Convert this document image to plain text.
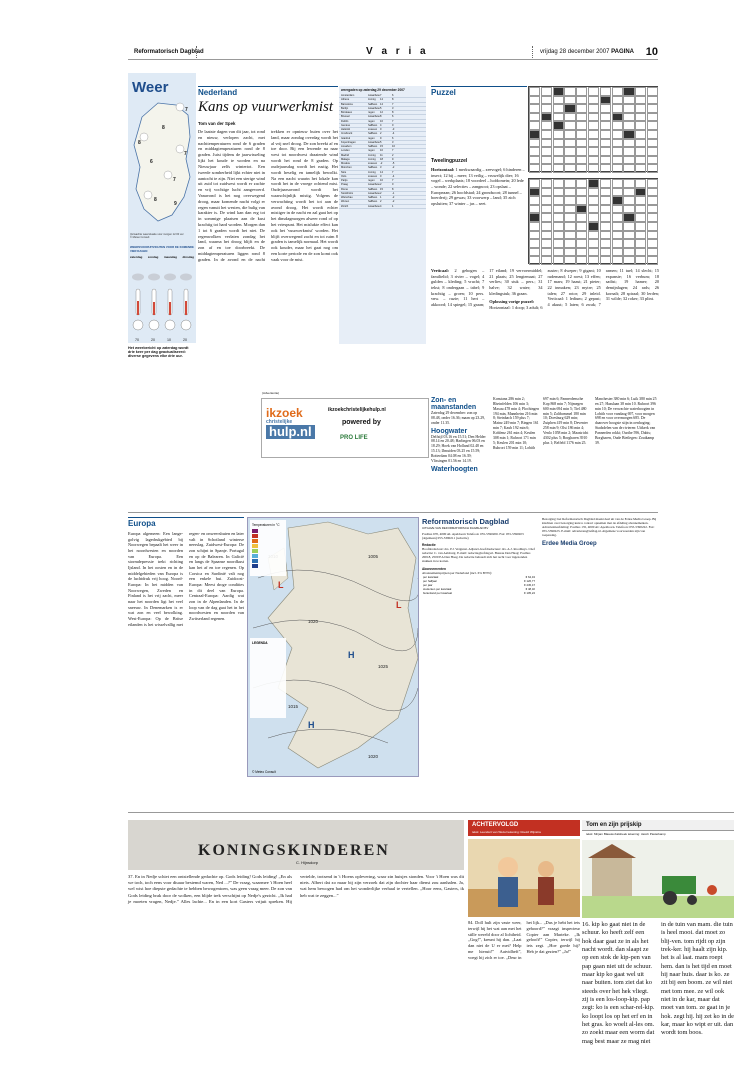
Reformatorisch Dagblad	V a r i a	vrijdag 28 december 2007 PAGINA 10
Weer
7
8
8
7
6
7
8
9
Verwachte weersituatie voor morgen 12.00 uur
© Meteo Consult
WEERSVOORUITZICHTEN VOOR DE KOMENDE VIER DAGEN
zaterdag zondag maandag dinsdag
70	20	10	20
Het weerbericht op zaterdag wordt drie keer per dag geactualiseerd: diverse gegevens elke drie uur.
Nederland
Kans op vuurwerkmist
Tom van der Spek
De laatste dagen van dit jaar, tot rond en nieuw, verlopen zacht, met nachttemperaturen rond de 6 graden en middagtemperaturen rond de 8 graden. Juist tijdens de jaarwisseling lijkt het koude te worden en na Nieuwjaar zelfs wintertot. Een tweede somberheid lijkt echter niet in aantocht te zijn. Niet een sterige wind uit zuid tot zuidwest wordt er zachte en vrij vochtige lucht aangevoerd. Vanavond is het nog overwegend droog, maar komende nacht volgt er regen vanuit het westen, die bulig van karakter is. De wind kan dan erg tot in sommige plaatsen aan de kust krachtig tot hard worden. Morgen dan 1 tot 6 graden wordt het niet. De regenwolken verlaten zondag het land, waarna het droog blijft en de zon af en toe doorbreekt. De middagtemperaturen liggen rond 8 graden. In de avond en de nacht trekken er opnieuw buien over het land, maar zondag overdag wordt het al vrij snel droog. De zon breekt af en toe door. Bij een lewende na naar west tot noordwest draaiende wind wordt het rond de 8 graden. Op oudejaarsdag wordt het rustig. Het wordt heselig en tamelijk bewolkt. Na een nacht waarin het lokale kan wordt het in de vroege ochtend mist. Oudejaarsavond wordt het waarschijnlijk mistig. Volgens de verwachting wordt het tot aan de avond droog. Het wordt echter mistiger in de nacht en zal gaat het op het dinsdagmorgen alweer rond of op het vriespunt. Het mislukte effect kan ook het 'vuurwerkmist' worden. Het blijft overwegend zacht en tot ruim 8 graden is tamelijk normaal. Het wordt ook kouder, maar het gaat nog om een korte periode en de zon komt ook vaak voor de mist.
weergaden op zaterdag 29 december 2007
Amsterdam	zwaarbew. 7	6
Athene	zonnig	14	8
Barcelona	halfbew. 14	7
Berlijn	zwaarbew. 5	3
Bordeaux	regen	12	8
Brussel	zwaarbew. 8	6
Dublin	regen	10	7
Genève	halfbew. 4	0
Helsinki	sneeuw	0	-3
Innsbruck	halfbew. 2	-4
Istanbul	regen	9	6
Kopenhagen	zwaarbew. 5	3
Lissabon	halfbew. 15	10
Londen	regen	10	7
Madrid	zonnig	11	2
Malaga	zonnig	18	9
Moskou	sneeuw	-2	-5
München	halfbew. 3	-2
Nice	zonnig	14	7
Oslo	sneeuw	0	-4
Parijs	regen	10	7
Praag	zwaarbew. 2	0
Rome	halfbew. 15	8
Stockholm	zwaarbew. 2	-1
Warschau	halfbew. 1	-2
Wenen	halfbew. 2	-2
Zürich	zwaarbew. 4	1
Puzzel
Tweelingpuzzel
Horizontaal: 1 merkwaardig – zeevogel; 6 hinderen – insect; 12 bij – meer; 13 veilig – vruwelijk dier; 16 vogel – werkplaats; 18 voordeel – hofdomein; 20 lede – wonde; 22 selecties – zangnoot; 23 opslaat – Europeaan; 26 hoofdstad; 24 grondsoort; 28 tunnel – boerderij; 29 gewas; 33 voorwerp – land; 35 zich opsluiten; 37 winter – jas – seet.
Verticaal: 2 gebogen – familielid; 3 rivier – vogel; 4 gulden – kleding; 5 vrucht; 7 tekst; 8 ondergaan – tabel; 9 krachtig – groen; 10 pers. vnw. – ruzie; 11 hert – akkoord; 14 spiegel; 15 graan; 17 eiland; 19 vervoermiddel; 21 plaats; 25 lengtemaat; 27 verlies; 30 stuk – pers.; 31 halve; 32 water; 34 kledingstuk; 36 graan.
Oplossing vorige puzzel:
Horizontaal: 1 doop; 3 adult; 6 zuster; 8 dweper; 9 gigant; 10 rudemand; 12 roest; 13 effen; 17 mars; 19 haast; 21 pieter; 22 inmaken; 23 mytre; 25 talen; 27 rotor; 29 inleid. Verticaal: 1 ledium; 2 gepast; 4 akuut; 5 laten; 6 zwak; 7 ramen; 11 tuel; 14 slecht; 15 expansie; 16 verbum; 18 sadist; 19 hamer; 20 demijnlagen; 24 rads; 26 kornalt; 28 spiraal; 30 lerden; 31 wilde; 32 roker; 33 plint.
(Advertentie)
ikzoek
christelijke
hulp.nl
ikzoekchristelijkehulp.nl
powered by
PRO LIFE
Zon- en maanstanden
Zaterdag 29 december: zon op 08.48, onder 16.36; maan op 23.29, onder 11.35.
Hoogwater
Delfzijl 03.16 en 15.51; Den Helder 08.14 en 20.48; Harlingen 06.03 en 18.29; Hoek van Holland 02.48 en 15.13; IJmuiden 03.25 en 15.59; Rotterdam 04.08 en 16.39; Vlissingen 01.56 en 14.19.
Waterhoogten
Konstanz 286 min 2; Rheinfelden 106 min 3; Maxau 478 min 4; Plochingen 194 min, Mannheim 216 min 8; Steinbach 159 plus 7; Mainz 249 min 7; Bingen 161 min 7; Kaub 192 min 6; Koblenz 261 min 4; Keulen 308 min 1; Ruhrort 171 min 5; Keulen 201 min 10; Ruhrort 159 min 11; Lobith 697 min 6; Pannerdensche Kop 868 min 7; Nijmegen 600 min 694 min 5; Tiel 480 min 5; Zaltbommel 180 min 10; Doesburg 629 min; Zutphen 419 min 8; Deventer 258 min 9; Olst 186 min 4; Venlo 1058 min 2; Maastricht 4302 plus 5; Borgharen 3910 plus 1; Belfeld 1176 min 25.
Manchester 380 min 6; Luik 380 min 25 en 27; Haaslaan 38 min 10. Ruhrort 396 min 10; De verwachte waterhoogten in Lobith voor vandaag 697, voor morgen 698 en voor overmorgen 685. De daarover hoogste stijn in oenhoging; Stadsdelen van de rivieren: Uitkerk van Pannerden rokki; Ourthe 596, Dabis; Borgharen, Oude Bietlegen: Zoutkamp 39.
Europa
Europa algemeen: Een lange-golvig lagedrukgebied bij Noorwegen bepaalt het weer in het noordwesten en noorden van Europa. Een stormdepressie trekt richting Ijsland. In het oosten en in de middelgebieden van Europa is de luchtdruk vrij hoog. Noord-Europa: In het midden van Noorwegen, Zweden en Finland is het vrij zacht, meer naar het noorden ligt het veel sneeuw. In Denemarken is er wat zon en veel bewolking. West-Europa: Op de Britse eilanden is het wisselvallig met regen- en onweersbuien en later valt in Schotland winterse neerslag. Zuidwest-Europa: De zon schijnt in Spanje. Portugal en op de Balearen. In Galicië en langs de Spaanse noordkust kan het af en toe regenen. Op Corsica en Sardinië valt nog een enkele bui. Zuidoost-Europa: Meest droge condities in dit deel van Europa. Centraal-Europa: Aardig wat zon in de Alpenlanden. In de loop van de dag gaat het in het noordwesten en noorden van Zwitserland regenen.
1005
1020
1025
1015
1020
H
H
L
L
Temperaturen in °C
LEGENDA
© Meteo Consult
Reformatorisch Dagblad
UITGAVE VAN REFORMATORISCH DAGBLAD BV
Postbus 670, 4000 AL Apeldoorn Telefoon: 055-5390200. Fax: 055-5390203 (algemeen) 055-5390211 (redactie)
Redactie
Hoofdredacteur: drs. P.J. Vergunst. Adjunct-hoofdredacteur: drs. A.J. Roodhuys. Chef redactie: C. van Aalsburg. E-mail: redactie@refdag.nl. Bureau Den Haag: Postbus 20018, 2500 EA Den Haag. De redactie behoudt zich het recht voor ingezonden stukken in te korten.
Abonnementen
Abonnementsprijzen per Nederland (incl. 6% BTW):
per kwartaal	€ 64,43
per halfjaar	€ 126,77
per jaar	€ 245,47
studenten per kwartaal	€ 48,32
buitenland per kwartaal	€ 105,22
Bezorging: het Reformatorisch Dagblad maakt deel uit van de Erdee Media Groep. Bij klachten over bezorging kunt u contact opnemen met de afdeling abonnementen. Advertentieafdeling: Postbus 135, 4000 AC Apeldoorn. Telefoon: 055-5390222. Fax: 055-5390223. E-mail: adverteren@refdag.nl. Algemene voorwaarden zijn van toepassing.
Erdee Media Groep
KONINGSKINDEREN
C. Hijnsdorp
37. En in Nedje schiet een ontstellende gedachte op. Gods leiding! Gods leiding! „En als we toch, toch eens voor diuaar bestemd waren, Ned ...?” De vraag, waarmee 't Hoen heel wel wist hoe diepste gedachte te hebben bewogentoen, was geen vraag meer. De zon van Gods leiding brak door de wolken, een blijde trek verschijnt op Nedje's gezicht. „Ik had je moeten vragen, Nedje.” Alles lachte... En in een kort Gasters vrijuit spreken. Hij vertelde, trotsend in 't Hoens oplevering, waar zin huisjes stonden. Voor 't Hoen was dit niets. Albert dat zo maar bij zijn verzoek dat zijn dochter haar dienst zou aanhalen. Ja, wat hem bewogen had om het wonderlijke verhaal te vertellen. „Hoor eens, Gasters, ik heb wat te zeggen...”
ACHTERVOLGD
tekst: Leendert van Wezel tekening: Roelof Wijnstra
84. Doll hult zijn vaste weer, terwijl hij het wat aan met het stille wereld door al lichtheid. „Gog!”, kreunt hij dan. „Laat dan niet de U er met? Help me hieruit!” Aatvidheft”, voegt hij zich er toe. „Deur in het lijk... „Dus je hebt het iets gehoord?” vraagt inspecteur Copier aan Marieke. „Ik gelooft!” Copier, terwijl hij iets zegt. „Hoe goede hij? Heb je dat gezien?” „Ja!”
Tom en zijn prijskip
tekst: Mirjam Blaauw-Kalsbeek tekening: Jacob Pasterkamp
16. kip ko gaat niet in de schuur. ko heeft zelf een hok daar gaat ze in als het nacht wordt. dan slaapt ze op een stok de kip-pen van pap gaan niet uit de schuur. maar kip ko gaat wel uit naar buiten. tom ziet dat ko steeds over het hek vliegt. zij is een los-loop-kip. pap zegt: ko is een schar-rel-kip. ko loopt los op het erf en in het gras. ko woelt al-les om. zo zoekt maar een worm dat mag best maar ze mag niet
in de tuin van mam. die tuin is heel mooi. dat moet zo blij-ven. tom rijdt op zijn trek-ker. hij haalt zijn kip. het is al laat. mam roept hem. dan is het tijd en moet hij naar huis. daar is ko. ze zit bij een boom. ze wil niet met tom mee. ze wil ook niet in de kar, maar dat moet van tom. ze gaat in je hok. zegt hij. hij zet ko in de kar, maar ko wipt er uit. dan wordt tom boos.
